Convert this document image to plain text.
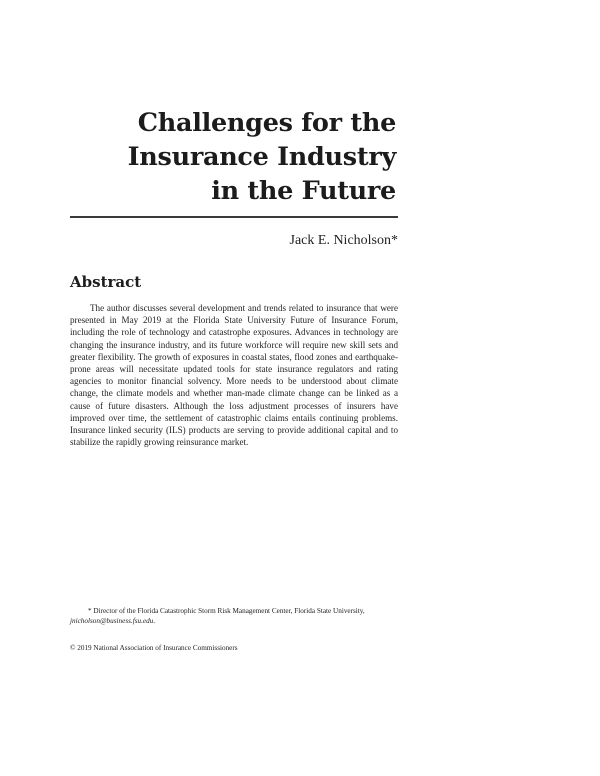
Challenges for the
Insurance Industry
in the Future
Jack E. Nicholson*
Abstract

The author discusses several development and trends related to insurance that were presented in May 2019 at the Florida State University Future of Insurance Forum, including the role of technology and catastrophe exposures. Advances in technology are changing the insurance industry, and its future workforce will require new skill sets and greater flexibility. The growth of exposures in coastal states, flood zones and earthquake-prone areas will necessitate updated tools for state insurance regulators and rating agencies to monitor financial solvency. More needs to be understood about climate change, the climate models and whether man-made climate change can be linked as a cause of future disasters. Although the loss adjustment processes of insurers have improved over time, the settlement of catastrophic claims entails continuing problems. Insurance linked security (ILS) products are serving to provide additional capital and to stabilize the rapidly growing reinsurance market.

* Director of the Florida Catastrophic Storm Risk Management Center, Florida State University, jnicholson@business.fsu.edu.

© 2019 National Association of Insurance Commissioners
